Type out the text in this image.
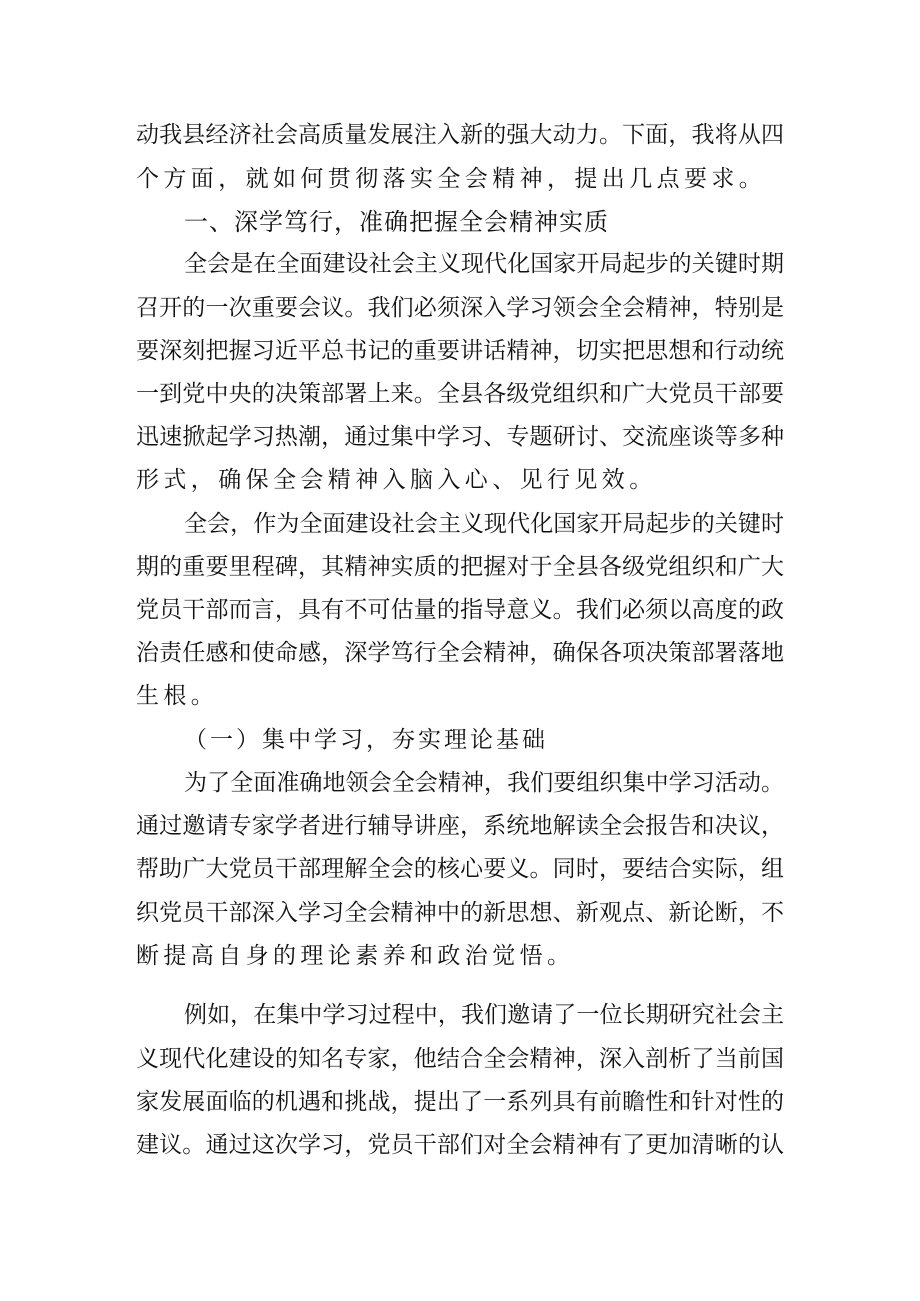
动我县经济社会高质量发展注入新的强大动力。下面，我将从四
个方面，就如何贯彻落实全会精神，提出几点要求。
一、深学笃行，准确把握全会精神实质
全会是在全面建设社会主义现代化国家开局起步的关键时期
召开的一次重要会议。我们必须深入学习领会全会精神，特别是
要深刻把握习近平总书记的重要讲话精神，切实把思想和行动统
一到党中央的决策部署上来。全县各级党组织和广大党员干部要
迅速掀起学习热潮，通过集中学习、专题研讨、交流座谈等多种
形式，确保全会精神入脑入心、见行见效。
全会，作为全面建设社会主义现代化国家开局起步的关键时
期的重要里程碑，其精神实质的把握对于全县各级党组织和广大
党员干部而言，具有不可估量的指导意义。我们必须以高度的政
治责任感和使命感，深学笃行全会精神，确保各项决策部署落地
生根。
（一）集中学习，夯实理论基础
为了全面准确地领会全会精神，我们要组织集中学习活动。
通过邀请专家学者进行辅导讲座，系统地解读全会报告和决议，
帮助广大党员干部理解全会的核心要义。同时，要结合实际，组
织党员干部深入学习全会精神中的新思想、新观点、新论断，不
断提高自身的理论素养和政治觉悟。
例如，在集中学习过程中，我们邀请了一位长期研究社会主
义现代化建设的知名专家，他结合全会精神，深入剖析了当前国
家发展面临的机遇和挑战，提出了一系列具有前瞻性和针对性的
建议。通过这次学习，党员干部们对全会精神有了更加清晰的认
